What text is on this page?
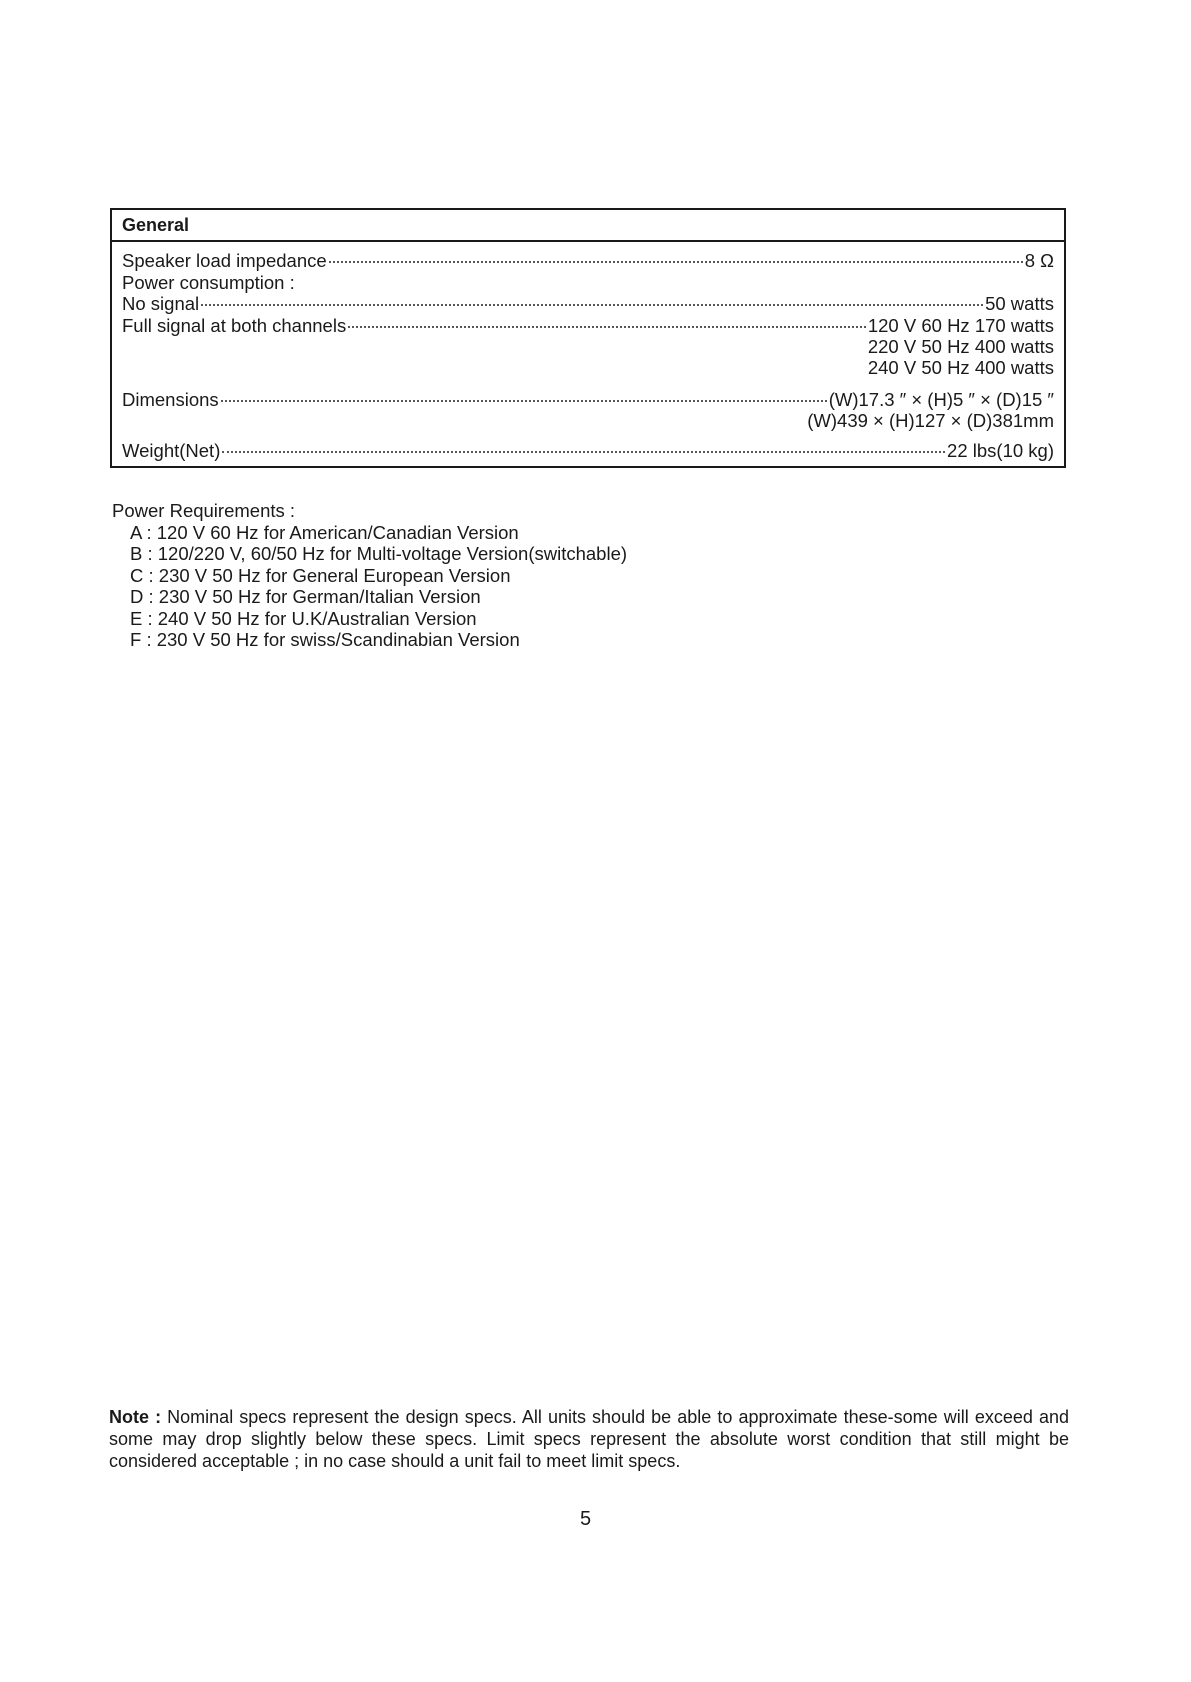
General
Speaker load impedance	8 Ω
Power consumption :
No signal	50 watts
Full signal at both channels	120 V 60 Hz 170 watts
220 V 50 Hz 400 watts
240 V 50 Hz 400 watts
Dimensions	(W)17.3 ″ × (H)5 ″ × (D)15 ″
(W)439 × (H)127 × (D)381mm
Weight(Net)	22 lbs(10 kg)

Power Requirements :

A : 120 V 60 Hz for American/Canadian Version
B : 120/220 V, 60/50 Hz for Multi-voltage Version(switchable)
C : 230 V 50 Hz for General European Version
D : 230 V 50 Hz for German/Italian Version
E : 240 V 50 Hz for U.K/Australian Version
F : 230 V 50 Hz for swiss/Scandinabian Version
Note : Nominal specs represent the design specs. All units should be able to approximate these-some will exceed and some may drop slightly below these specs. Limit specs represent the absolute worst condition that still might be considered acceptable ; in no case should a unit fail to meet limit specs.
5
